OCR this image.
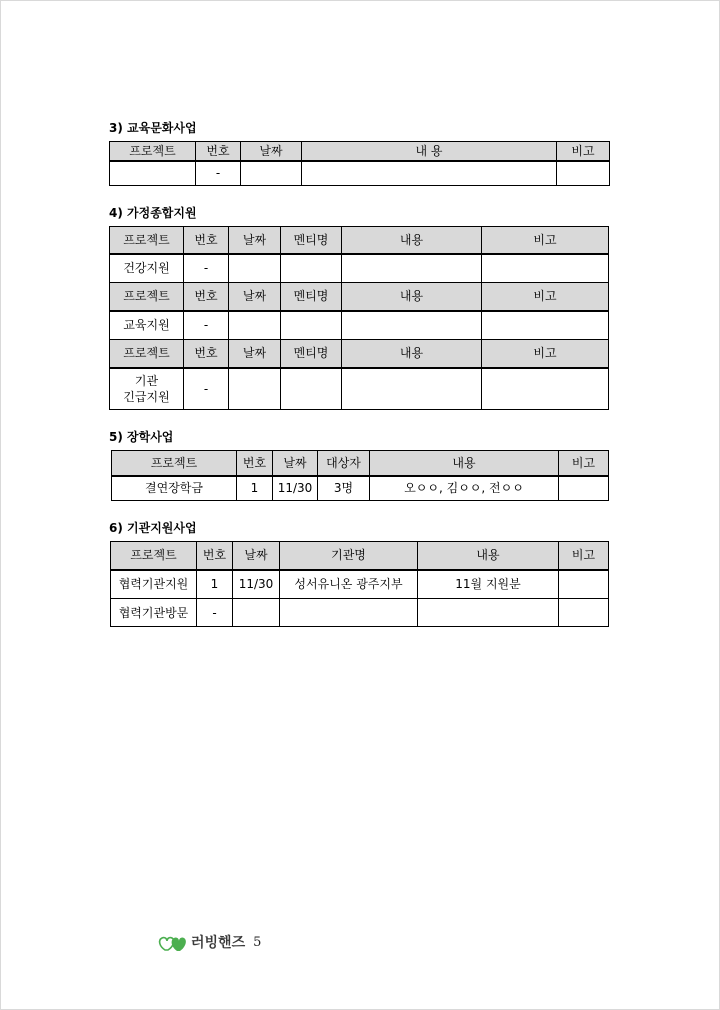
3) 교육문화사업
프로젝트	번호	날짜	내 용	비고
	-			
4) 가정종합지원
프로젝트	번호	날짜	멘티명	내용	비고
건강지원	-				
프로젝트	번호	날짜	멘티명	내용	비고
교육지원	-				
프로젝트	번호	날짜	멘티명	내용	비고
기관
긴급지원	-				
5) 장학사업
프로젝트	번호	날짜	대상자	내용	비고
결연장학금	1	11/30	3명	오ㅇㅇ, 김ㅇㅇ, 전ㅇㅇ	
6) 기관지원사업
프로젝트	번호	날짜	기관명	내용	비고
협력기관지원	1	11/30	성서유니온 광주지부	11월 지원분	
협력기관방문	-				
러빙핸즈 5
